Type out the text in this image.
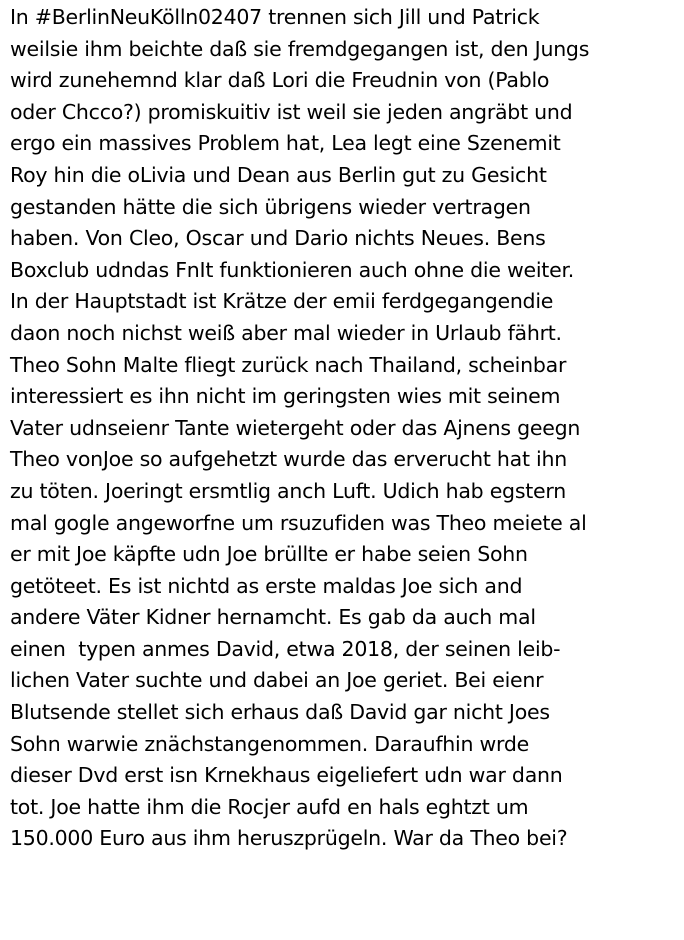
In #BerlinNeuKölln02407 trennen sich Jill und Patrick
weilsie ihm beichte daß sie fremdgegangen ist, den Jungs
wird zunehemnd klar daß Lori die Freudnin von (Pablo
oder Chcco?) promiskuitiv ist weil sie jeden angräbt und
ergo ein massives Problem hat, Lea legt eine Szenemit
Roy hin die oLivia und Dean aus Berlin gut zu Gesicht
gestanden hätte die sich übrigens wieder vertragen
haben. Von Cleo, Oscar und Dario nichts Neues. Bens
Boxclub udndas FnIt funktionieren auch ohne die weiter.
In der Hauptstadt ist Krätze der emii ferdgegangendie
daon noch nichst weiß aber mal wieder in Urlaub fährt.
Theo Sohn Malte fliegt zurück nach Thailand, scheinbar
interessiert es ihn nicht im geringsten wies mit seinem
Vater udnseienr Tante wietergeht oder das Ajnens geegn
Theo vonJoe so aufgehetzt wurde das erverucht hat ihn
zu töten. Joeringt ersmtlig anch Luft. Udich hab egstern
mal gogle angeworfne um rsuzufiden was Theo meiete al
er mit Joe käpfte udn Joe brüllte er habe seien Sohn
getöteet. Es ist nichtd as erste maldas Joe sich and
andere Väter Kidner hernamcht. Es gab da auch mal
einen  typen anmes David, etwa 2018, der seinen leib-
lichen Vater suchte und dabei an Joe geriet. Bei eienr
Blutsende stellet sich erhaus daß David gar nicht Joes
Sohn warwie znächstangenommen. Daraufhin wrde
dieser Dvd erst isn Krnekhaus eigeliefert udn war dann
tot. Joe hatte ihm die Rocjer aufd en hals eghtzt um
150.000 Euro aus ihm heruszprügeln. War da Theo bei?
